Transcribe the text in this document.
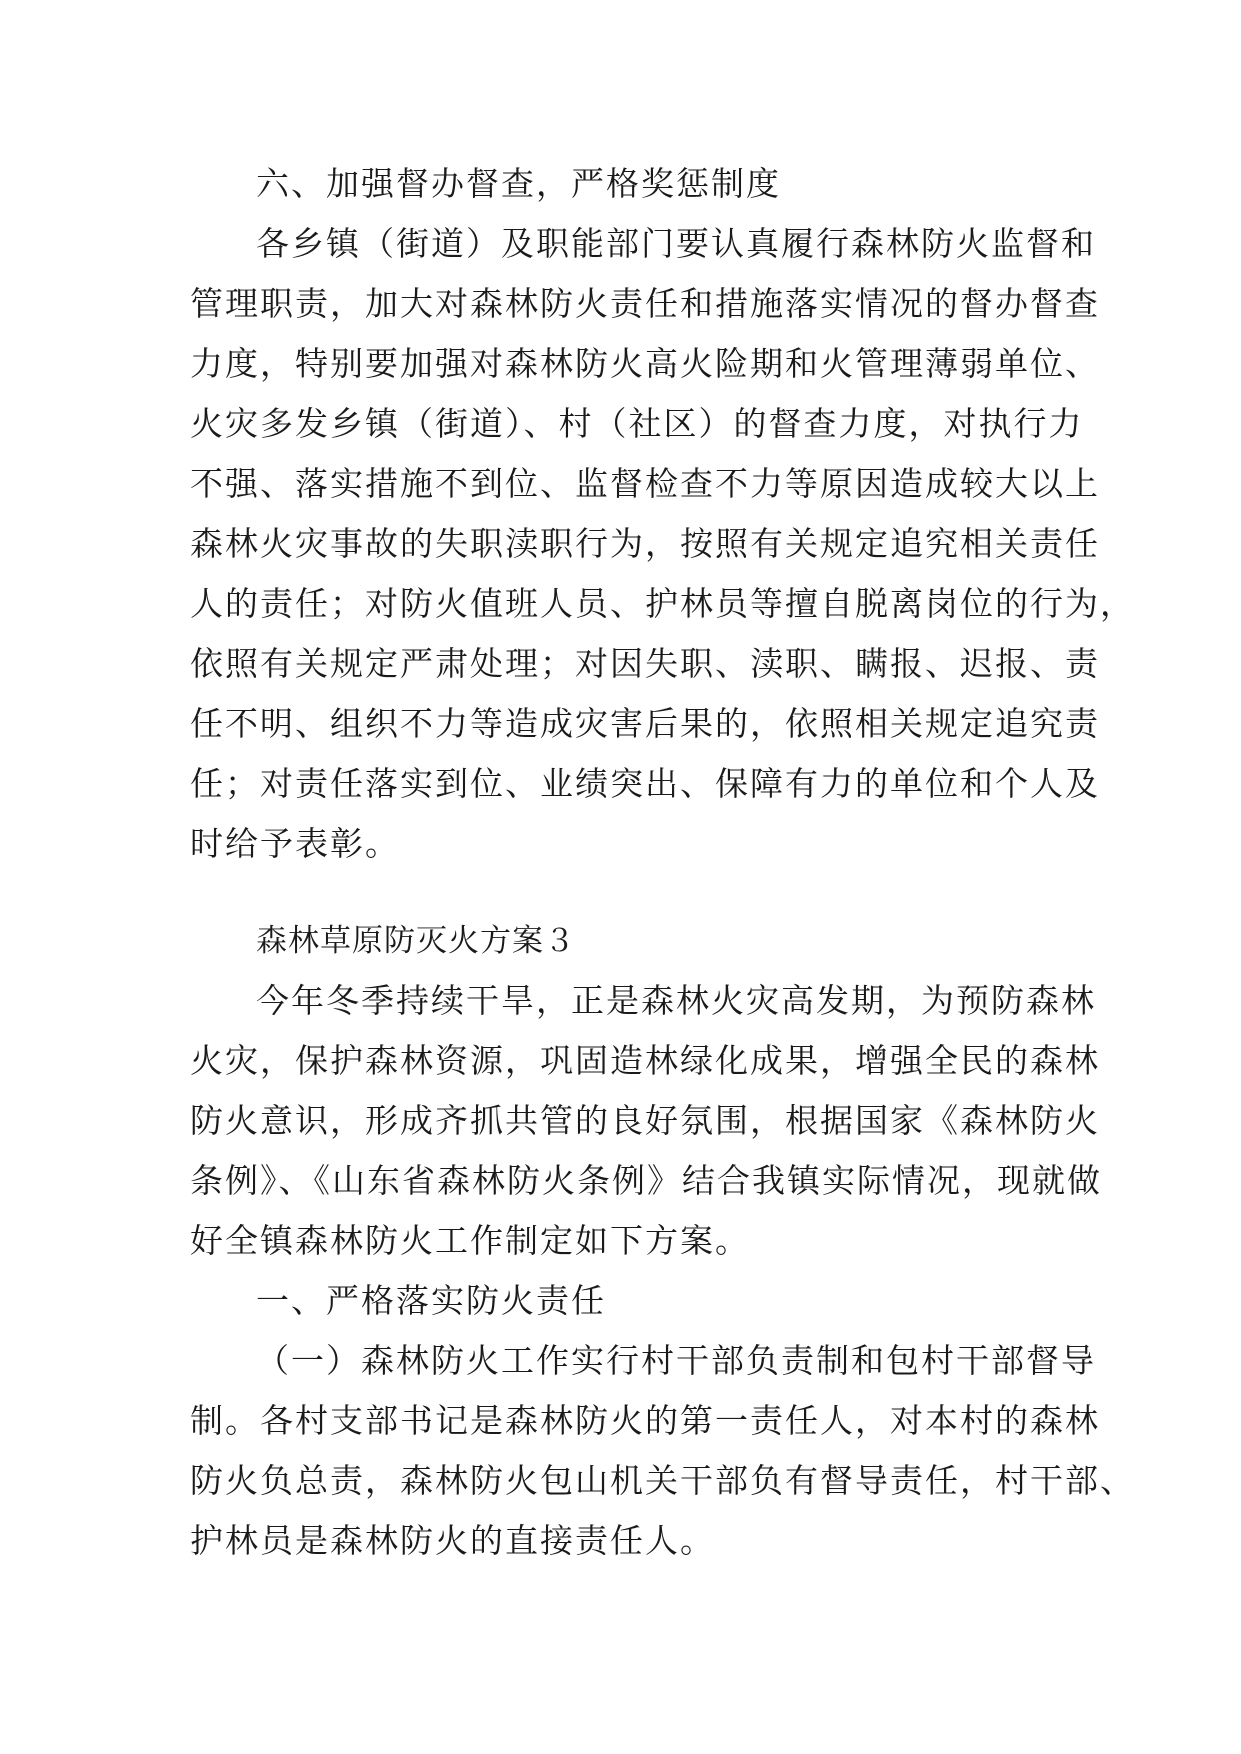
六、加强督办督查，严格奖惩制度
各乡镇（街道）及职能部门要认真履行森林防火监督和
管理职责，加大对森林防火责任和措施落实情况的督办督查
力度，特别要加强对森林防火高火险期和火管理薄弱单位、
火灾多发乡镇（街道）、村（社区）的督查力度，对执行力
不强、落实措施不到位、监督检查不力等原因造成较大以上
森林火灾事故的失职渎职行为，按照有关规定追究相关责任
人的责任；对防火值班人员、护林员等擅自脱离岗位的行为，
依照有关规定严肃处理；对因失职、渎职、瞒报、迟报、责
任不明、组织不力等造成灾害后果的，依照相关规定追究责
任；对责任落实到位、业绩突出、保障有力的单位和个人及
时给予表彰。
森林草原防灭火方案３
今年冬季持续干旱，正是森林火灾高发期，为预防森林
火灾，保护森林资源，巩固造林绿化成果，增强全民的森林
防火意识，形成齐抓共管的良好氛围，根据国家《森林防火
条例》、《山东省森林防火条例》结合我镇实际情况，现就做
好全镇森林防火工作制定如下方案。
一、严格落实防火责任
（一）森林防火工作实行村干部负责制和包村干部督导
制。各村支部书记是森林防火的第一责任人，对本村的森林
防火负总责，森林防火包山机关干部负有督导责任，村干部、
护林员是森林防火的直接责任人。
